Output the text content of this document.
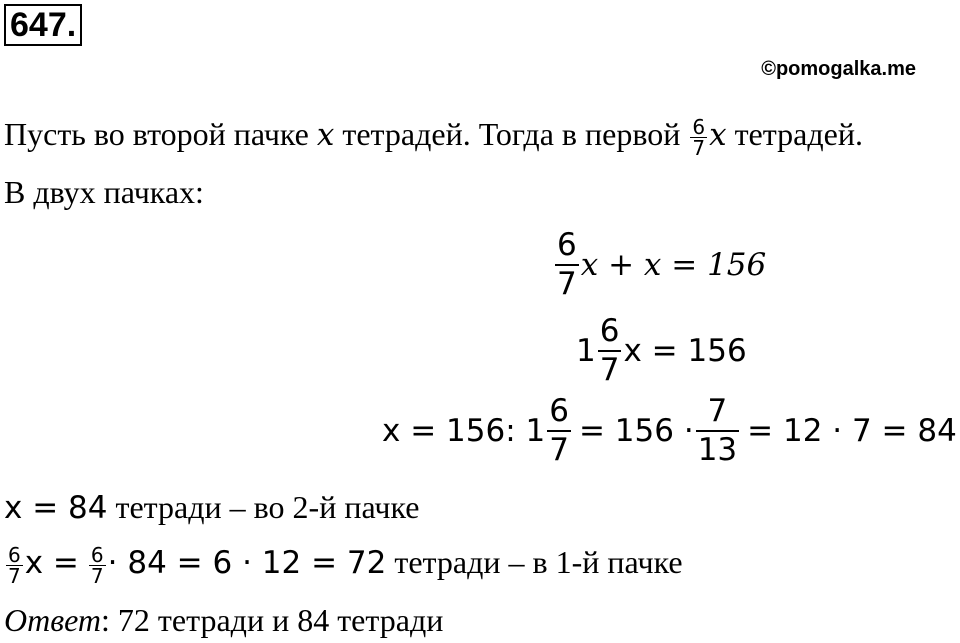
647.
©pomogalka.me
Пусть во второй пачке x тетрадей. Тогда в первой $\frac{6}{7}$ x тетрадей.
В двух пачках:
$\frac{6}{7}$ x + x = 156
$1 \frac{6}{7}$ x = 156
x = 156: $1 \frac{6}{7} = 156 \cdot \frac{7}{13} = 12 \cdot 7 = 84$
x = 84 тетради – во 2-й пачке
$\frac{6}{7}$ $x = \frac{6}{7} \cdot 84 = 6 \cdot 12 = 72$ тетради – в 1-й пачке
Ответ: 72 тетради и 84 тетради
